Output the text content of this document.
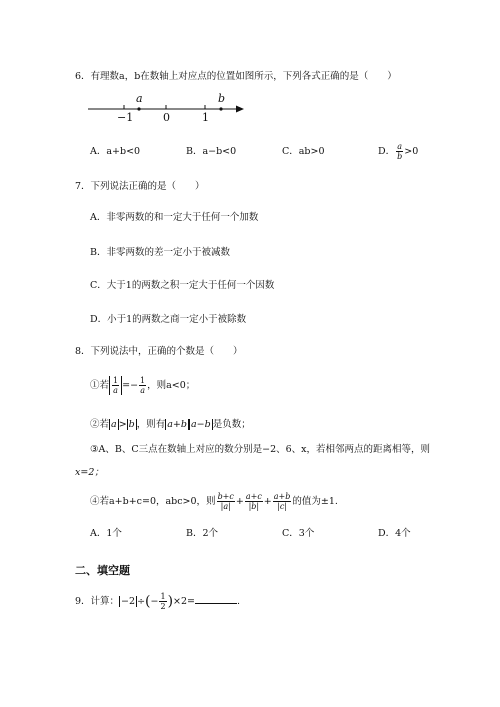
6．有理数a，b在数轴上对应点的位置如图所示，下列各式正确的是（　　）
a	b
−1	0	1
A．a+b<0	B．a−b<0	C．ab>0	D． $\frac{a}{b} >0$
7．下列说法正确的是（　　）
A．非零两数的和一定大于任何一个加数
B．非零两数的差一定小于被减数
C．大于1的两数之积一定大于任何一个因数
D．小于1的两数之商一定小于被除数
8．下列说法中，正确的个数是（　　）
①若 $\frac{1}{a} =- \frac{1}{a}$ ，则a<0；
②若 a > b ，则有 a+b a−b 是负数；
③A、B、C三点在数轴上对应的数分别是−2、6、x，若相邻两点的距离相等，则
x=2；
④若a+b+c=0，abc>0，则 $\frac{b+c}{|a|} + \frac{a+c}{|b|} + \frac{a+b}{|c|}$ 的值为±1.
A．1个	B．2个	C．3个	D．4个
二、填空题
9．计算： −2 ÷(− $\frac{1}{2} )\times 2=$	.
